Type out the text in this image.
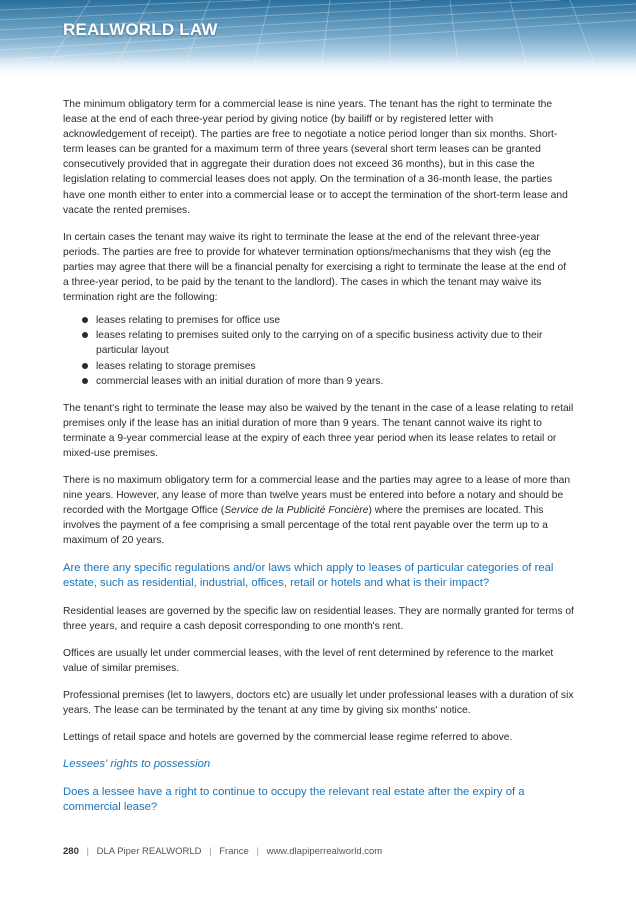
REALWORLD LAW

The minimum obligatory term for a commercial lease is nine years. The tenant has the right to terminate the lease at the end of each three-year period by giving notice (by bailiff or by registered letter with acknowledgement of receipt). The parties are free to negotiate a notice period longer than six months. Short-term leases can be granted for a maximum term of three years (several short term leases can be granted consecutively provided that in aggregate their duration does not exceed 36 months), but in this case the legislation relating to commercial leases does not apply. On the termination of a 36-month lease, the parties have one month either to enter into a commercial lease or to accept the termination of the short-term lease and vacate the rented premises.

In certain cases the tenant may waive its right to terminate the lease at the end of the relevant three-year periods. The parties are free to provide for whatever termination options/mechanisms that they wish (eg the parties may agree that there will be a financial penalty for exercising a right to terminate the lease at the end of a three-year period, to be paid by the tenant to the landlord). The cases in which the tenant may waive its termination right are the following:

leases relating to premises for office use
leases relating to premises suited only to the carrying on of a specific business activity due to their particular layout
leases relating to storage premises
commercial leases with an initial duration of more than 9 years.

The tenant's right to terminate the lease may also be waived by the tenant in the case of a lease relating to retail premises only if the lease has an initial duration of more than 9 years. The tenant cannot waive its right to terminate a 9-year commercial lease at the expiry of each three year period when its lease relates to retail or mixed-use premises.

There is no maximum obligatory term for a commercial lease and the parties may agree to a lease of more than nine years. However, any lease of more than twelve years must be entered into before a notary and should be recorded with the Mortgage Office (Service de la Publicité Foncière) where the premises are located. This involves the payment of a fee comprising a small percentage of the total rent payable over the term up to a maximum of 20 years.

Are there any specific regulations and/or laws which apply to leases of particular categories of real estate, such as residential, industrial, offices, retail or hotels and what is their impact?

Residential leases are governed by the specific law on residential leases. They are normally granted for terms of three years, and require a cash deposit corresponding to one month's rent.

Offices are usually let under commercial leases, with the level of rent determined by reference to the market value of similar premises.

Professional premises (let to lawyers, doctors etc) are usually let under professional leases with a duration of six years. The lease can be terminated by the tenant at any time by giving six months' notice.

Lettings of retail space and hotels are governed by the commercial lease regime referred to above.

Lessees' rights to possession
Does a lessee have a right to continue to occupy the relevant real estate after the expiry of a commercial lease?
280 | DLA Piper REALWORLD | France | www.dlapiperrealworld.com
